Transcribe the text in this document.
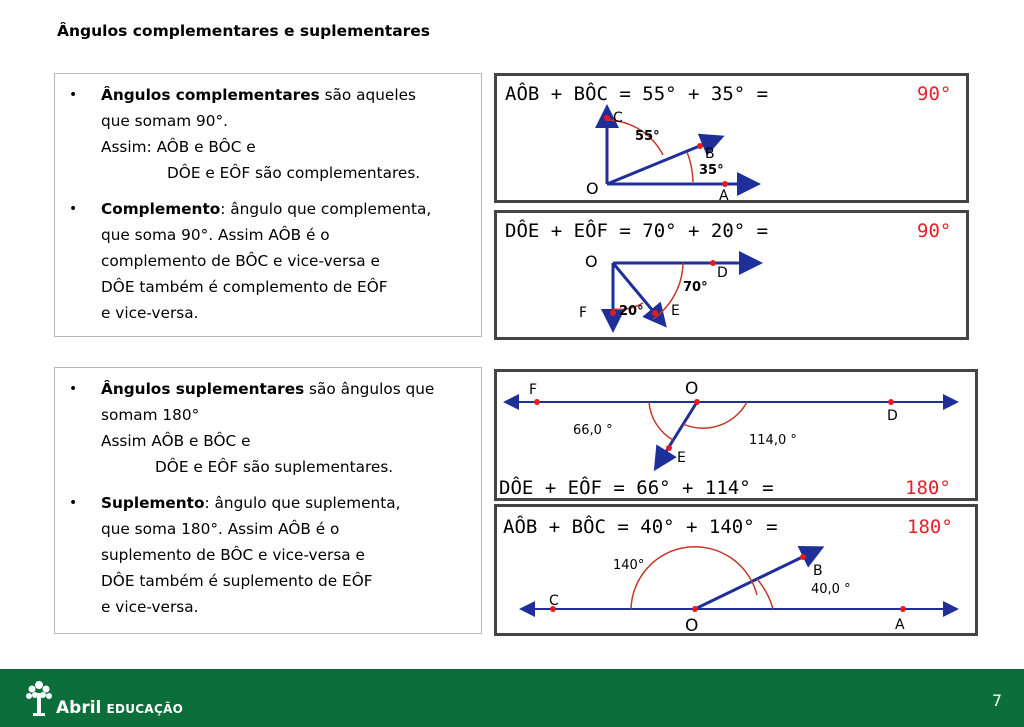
Ângulos complementares e suplementares
• Ângulos complementares são aqueles
que somam 90°.
Assim: AÔB e BÔC e

DÔE e EÔF são complementares.
• Complemento: ângulo que complementa,
que soma 90°. Assim AÔB é o
complemento de BÔC e vice-versa e
DÔE também é complemento de EÔF
e vice-versa.
• Ângulos suplementares são ângulos que
somam 180°
Assim AÔB e BÔC e

DÔE e EÔF são suplementares.
• Suplemento: ângulo que suplementa,
que soma 180°. Assim AÔB é o
suplemento de BÔC e vice-versa e
DÔE também é suplemento de EÔF
e vice-versa.
AÔB + BÔC = 55° + 35° =	90°
C
B
A
O
55°
35°
DÔE + EÔF = 70° + 20° =	90°
O
D
F	E
70°
20°
F	O
D
E
66,0 °
114,0 °
DÔE + EÔF = 66° + 114° =	180°
AÔB + BÔC = 40° + 140° =	180°
C
O	A
B
140°
40,0 °
Abril EDUCAÇÃO	7
